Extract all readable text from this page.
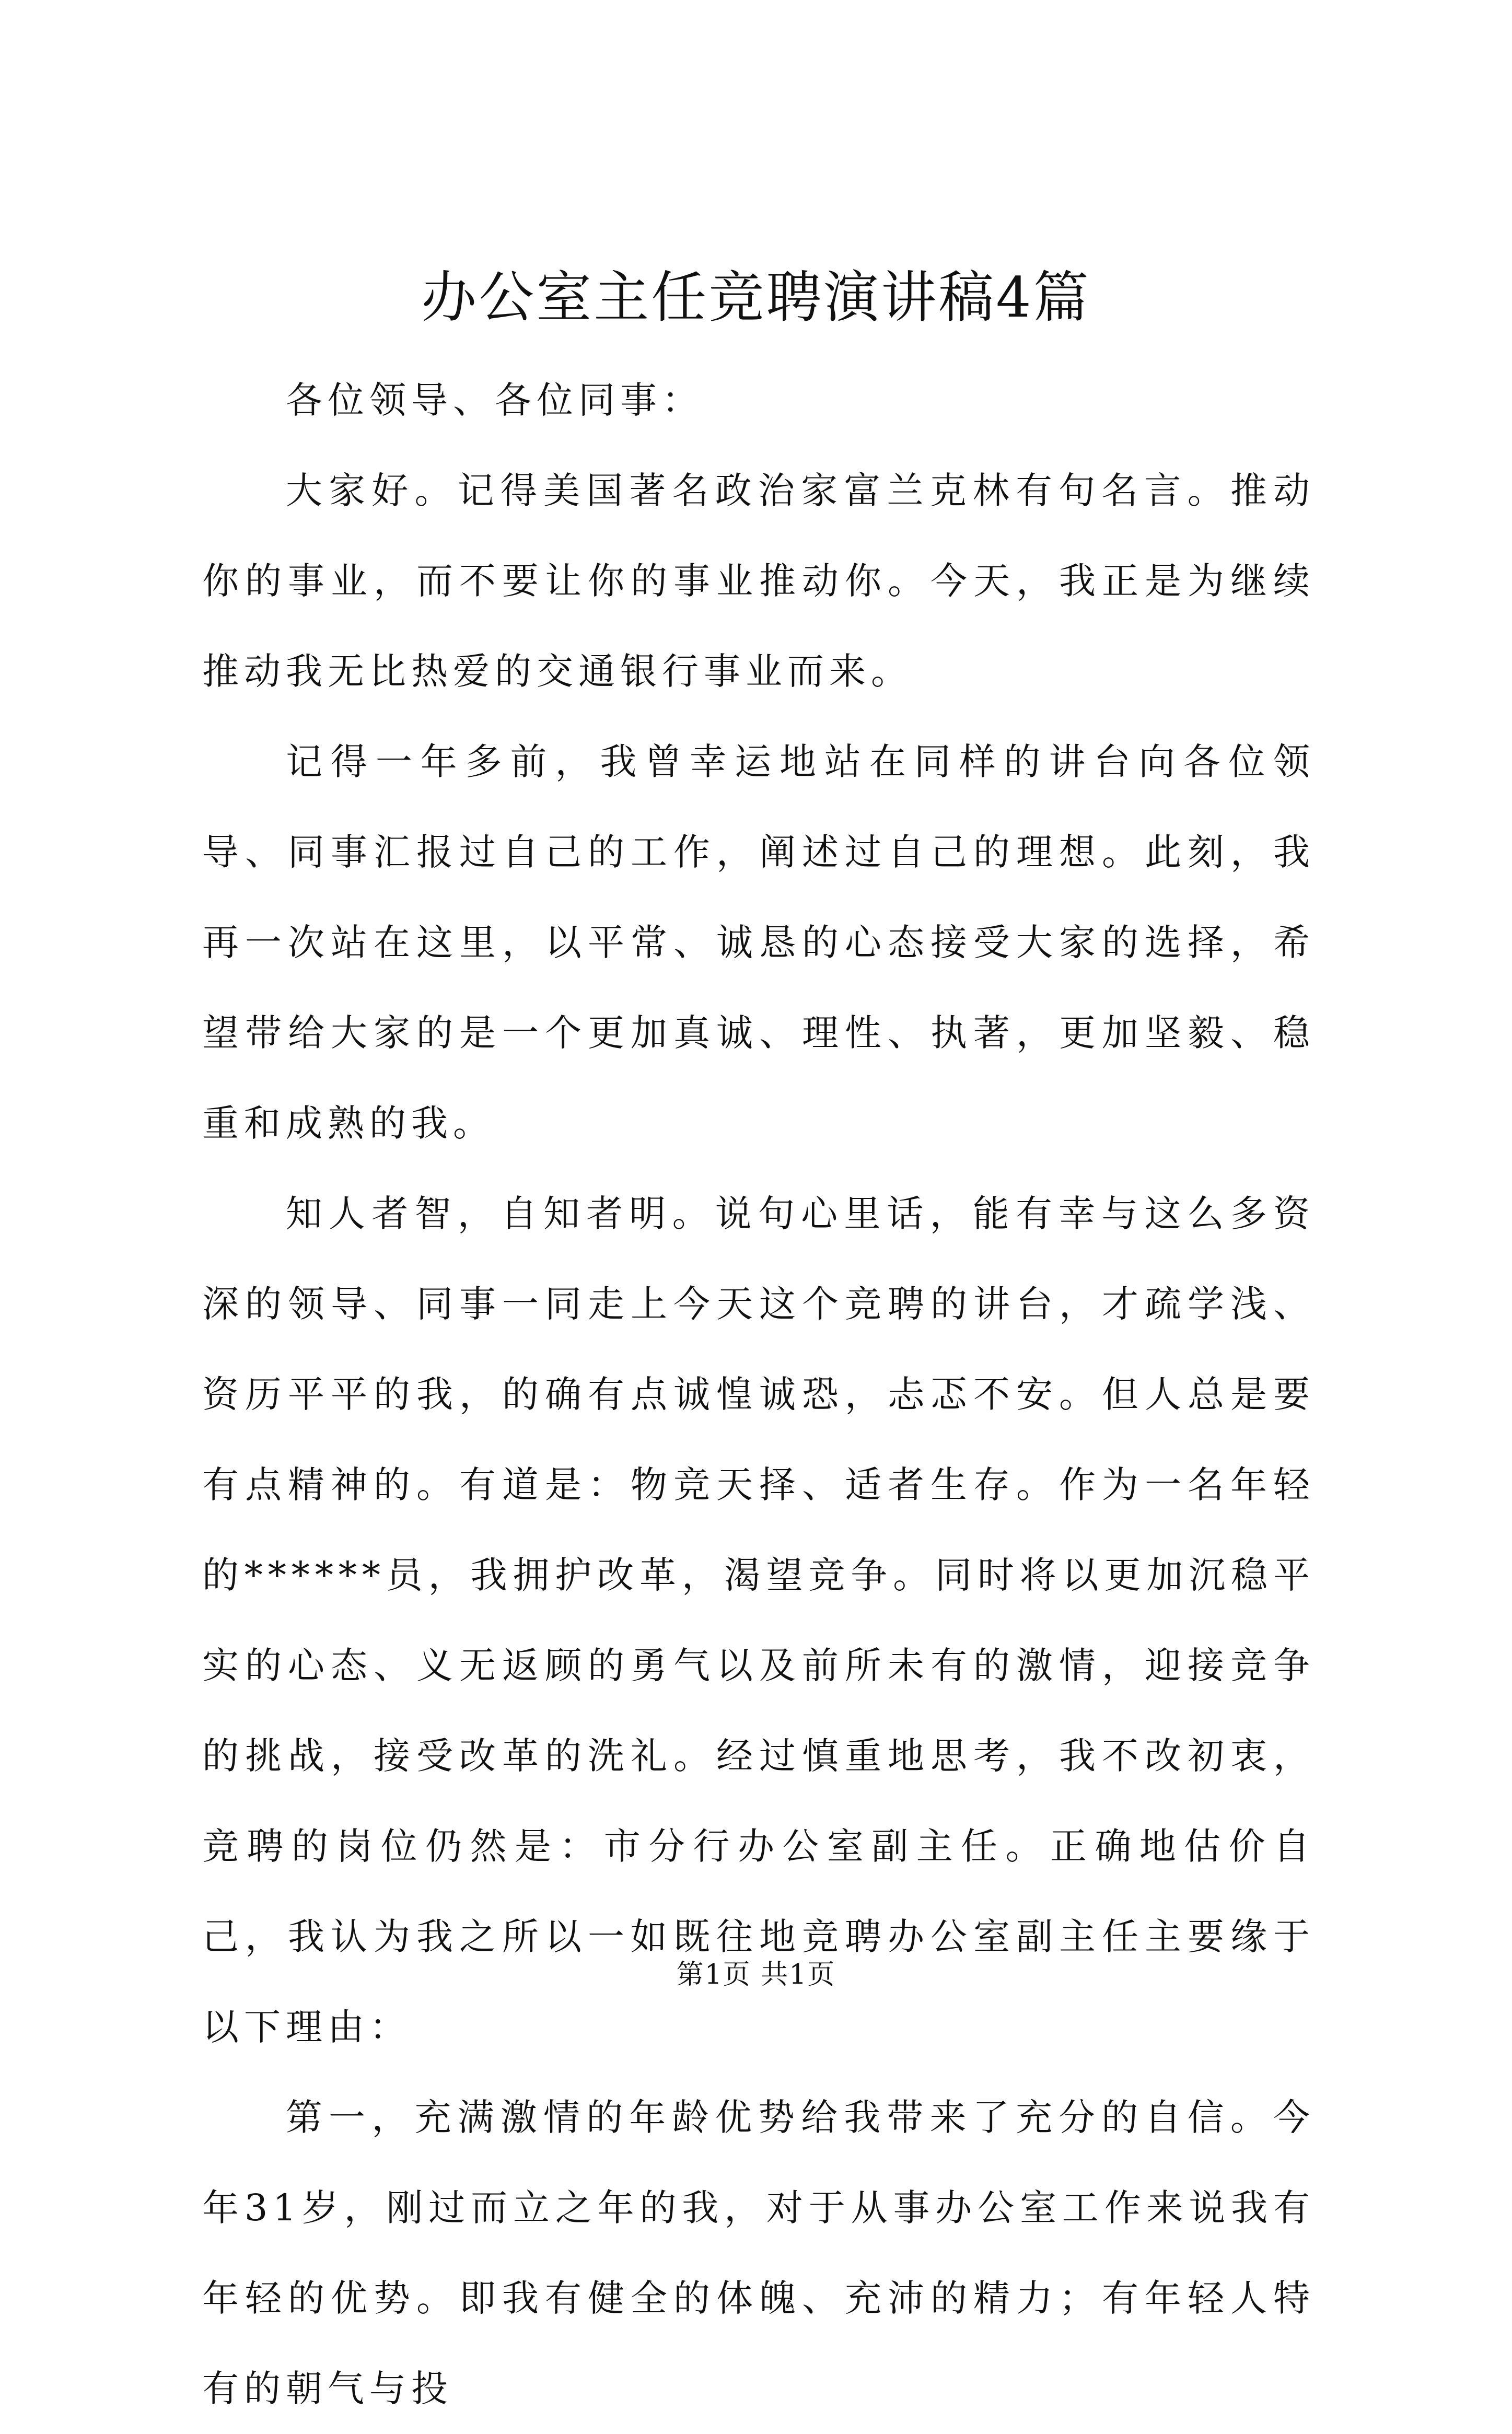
办公室主任竞聘演讲稿4篇

各位领导、各位同事：

大家好。记得美国著名政治家富兰克林有句名言。推动你的事业，而不要让你的事业推动你。今天，我正是为继续推动我无比热爱的交通银行事业而来。

记得一年多前，我曾幸运地站在同样的讲台向各位领导、同事汇报过自己的工作，阐述过自己的理想。此刻，我再一次站在这里，以平常、诚恳的心态接受大家的选择，希望带给大家的是一个更加真诚、理性、执著，更加坚毅、稳重和成熟的我。

知人者智，自知者明。说句心里话，能有幸与这么多资深的领导、同事一同走上今天这个竞聘的讲台，才疏学浅、资历平平的我，的确有点诚惶诚恐，忐忑不安。但人总是要有点精神的。有道是：物竞天择、适者生存。作为一名年轻的******员，我拥护改革，渴望竞争。同时将以更加沉稳平实的心态、义无返顾的勇气以及前所未有的激情，迎接竞争的挑战，接受改革的洗礼。经过慎重地思考，我不改初衷，竞聘的岗位仍然是：市分行办公室副主任。正确地估价自己，我认为我之所以一如既往地竞聘办公室副主任主要缘于以下理由：

第一，充满激情的年龄优势给我带来了充分的自信。今年31岁，刚过而立之年的我，对于从事办公室工作来说我有年轻的优势。即我有健全的体魄、充沛的精力；有年轻人特有的朝气与投

第1页 共1页
